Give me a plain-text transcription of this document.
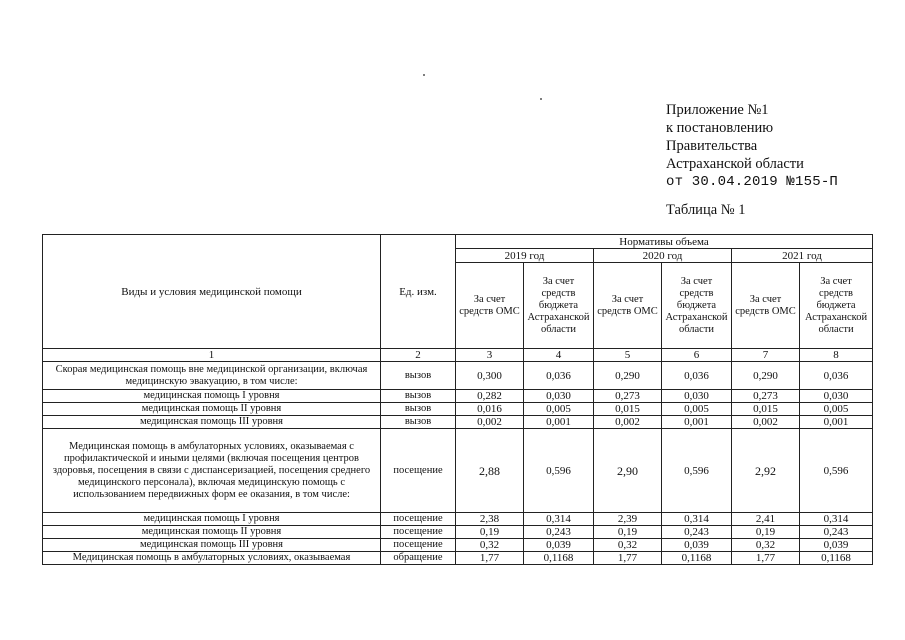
Приложение №1
к постановлению
Правительства
Астраханской области
от 30.04.2019 №155-П
Таблица № 1
Виды и условия медицинской помощи	Ед. изм.	Нормативы объема					
		2019 год		2020 год		2021 год	
		За счет средств ОМС	За счет средств бюджета Астраханской области	За счет средств ОМС	За счет средств бюджета Астраханской области	За счет средств ОМС	За счет средств бюджета Астраханской области
1	2	3	4	5	6	7	8
Скорая медицинская помощь вне медицинской организации, включая медицинскую эвакуацию, в том числе:	вызов	0,300	0,036	0,290	0,036	0,290	0,036
медицинская помощь I уровня	вызов	0,282	0,030	0,273	0,030	0,273	0,030
медицинская помощь II уровня	вызов	0,016	0,005	0,015	0,005	0,015	0,005
медицинская помощь III уровня	вызов	0,002	0,001	0,002	0,001	0,002	0,001
Медицинская помощь в амбулаторных условиях, оказываемая с профилактической и иными целями (включая посещения центров здоровья, посещения в связи с диспансеризацией, посещения среднего медицинского персонала), включая медицинскую помощь с использованием передвижных форм ее оказания, в том числе:	посещение	2,88	0,596	2,90	0,596	2,92	0,596
медицинская помощь I уровня	посещение	2,38	0,314	2,39	0,314	2,41	0,314
медицинская помощь II уровня	посещение	0,19	0,243	0,19	0,243	0,19	0,243
медицинская помощь III уровня	посещение	0,32	0,039	0,32	0,039	0,32	0,039
Медицинская помощь в амбулаторных условиях, оказываемая	обращение	1,77	0,1168	1,77	0,1168	1,77	0,1168
